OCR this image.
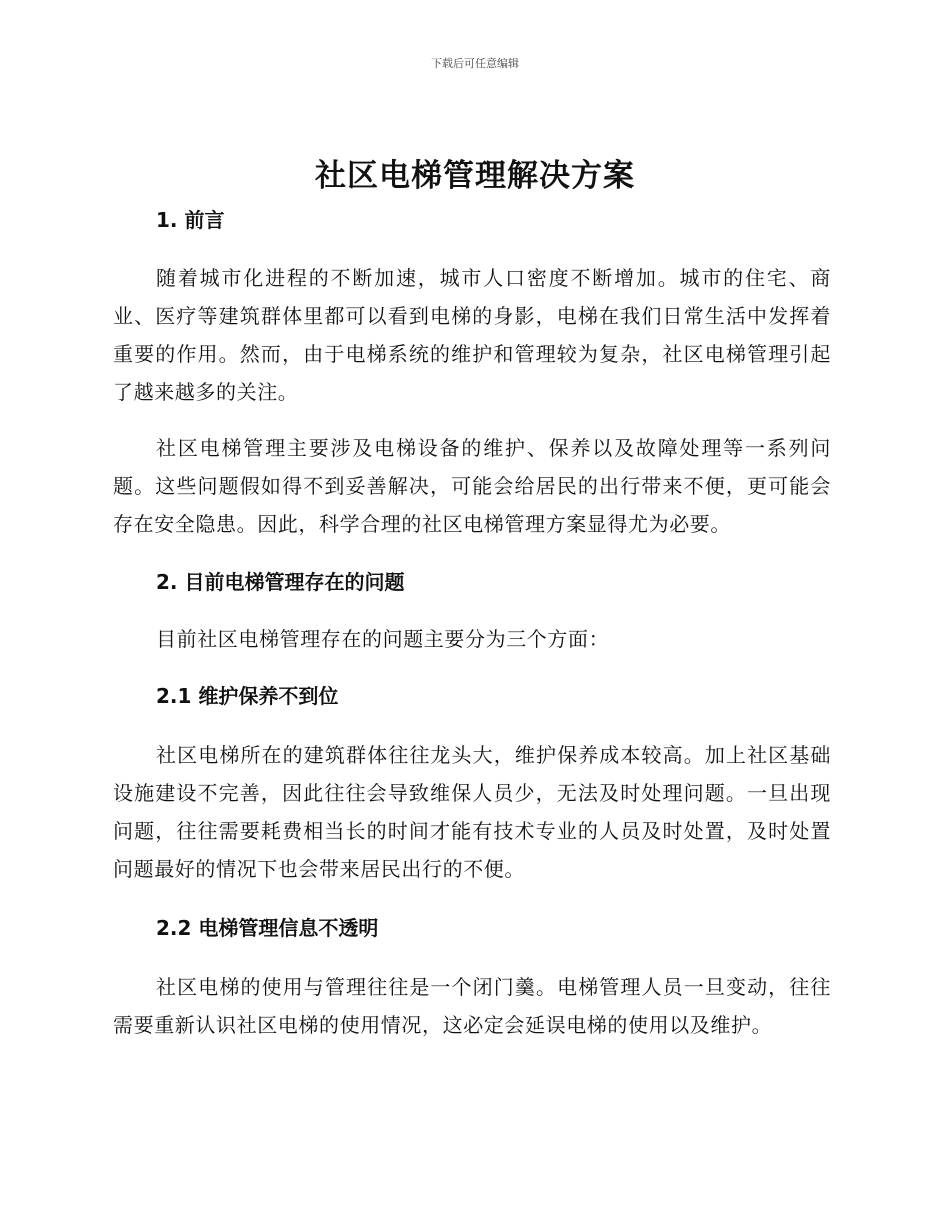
下载后可任意编辑
社区电梯管理解决方案

1. 前言

随着城市化进程的不断加速，城市人口密度不断增加。城市的住宅、商业、医疗等建筑群体里都可以看到电梯的身影，电梯在我们日常生活中发挥着重要的作用。然而，由于电梯系统的维护和管理较为复杂，社区电梯管理引起了越来越多的关注。

社区电梯管理主要涉及电梯设备的维护、保养以及故障处理等一系列问题。这些问题假如得不到妥善解决，可能会给居民的出行带来不便，更可能会存在安全隐患。因此，科学合理的社区电梯管理方案显得尤为必要。

2. 目前电梯管理存在的问题

目前社区电梯管理存在的问题主要分为三个方面：

2.1 维护保养不到位

社区电梯所在的建筑群体往往龙头大，维护保养成本较高。加上社区基础设施建设不完善，因此往往会导致维保人员少，无法及时处理问题。一旦出现问题，往往需要耗费相当长的时间才能有技术专业的人员及时处置，及时处置问题最好的情况下也会带来居民出行的不便。

2.2 电梯管理信息不透明

社区电梯的使用与管理往往是一个闭门羹。电梯管理人员一旦变动，往往需要重新认识社区电梯的使用情况，这必定会延误电梯的使用以及维护。
